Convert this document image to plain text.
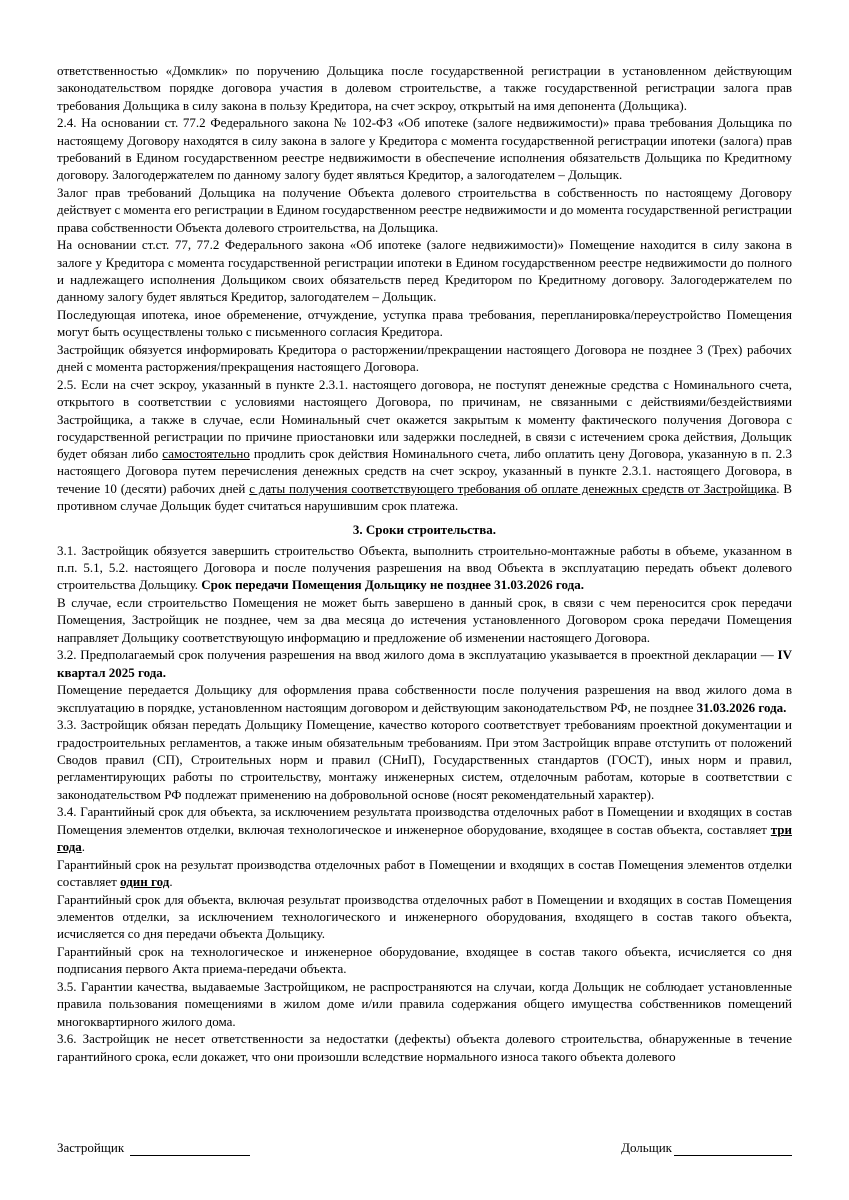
ответственностью «Домклик» по поручению Дольщика после государственной регистрации в установленном действующим законодательством порядке договора участия в долевом строительстве, а также государственной регистрации залога прав требования Дольщика в силу закона в пользу Кредитора, на счет эскроу, открытый на имя депонента (Дольщика).

2.4. На основании ст. 77.2 Федерального закона № 102-ФЗ «Об ипотеке (залоге недвижимости)» права требования Дольщика по настоящему Договору находятся в силу закона в залоге у Кредитора с момента государственной регистрации ипотеки (залога) прав требований в Едином государственном реестре недвижимости в обеспечение исполнения обязательств Дольщика по Кредитному договору. Залогодержателем по данному залогу будет являться Кредитор, а залогодателем – Дольщик.

Залог прав требований Дольщика на получение Объекта долевого строительства в собственность по настоящему Договору действует с момента его регистрации в Едином государственном реестре недвижимости и до момента государственной регистрации права собственности Объекта долевого строительства, на Дольщика.

На основании ст.ст. 77, 77.2 Федерального закона «Об ипотеке (залоге недвижимости)» Помещение находится в силу закона в залоге у Кредитора с момента государственной регистрации ипотеки в Едином государственном реестре недвижимости до полного и надлежащего исполнения Дольщиком своих обязательств перед Кредитором по Кредитному договору. Залогодержателем по данному залогу будет являться Кредитор, залогодателем – Дольщик.

Последующая ипотека, иное обременение, отчуждение, уступка права требования, перепланировка/переустройство Помещения могут быть осуществлены только с письменного согласия Кредитора.

Застройщик обязуется информировать Кредитора о расторжении/прекращении настоящего Договора не позднее 3 (Трех) рабочих дней с момента расторжения/прекращения настоящего Договора.

2.5. Если на счет эскроу, указанный в пункте 2.3.1. настоящего договора, не поступят денежные средства с Номинального счета, открытого в соответствии с условиями настоящего Договора, по причинам, не связанными с действиями/бездействиями Застройщика, а также в случае, если Номинальный счет окажется закрытым к моменту фактического получения Договора с государственной регистрации по причине приостановки или задержки последней, в связи с истечением срока действия, Дольщик будет обязан либо самостоятельно продлить срок действия Номинального счета, либо оплатить цену Договора, указанную в п. 2.3 настоящего Договора путем перечисления денежных средств на счет эскроу, указанный в пункте 2.3.1. настоящего Договора, в течение 10 (десяти) рабочих дней с даты получения соответствующего требования об оплате денежных средств от Застройщика. В противном случае Дольщик будет считаться нарушившим срок платежа.

3. Сроки строительства.

3.1. Застройщик обязуется завершить строительство Объекта, выполнить строительно-монтажные работы в объеме, указанном в п.п. 5.1, 5.2. настоящего Договора и после получения разрешения на ввод Объекта в эксплуатацию передать объект долевого строительства Дольщику. Срок передачи Помещения Дольщику не позднее 31.03.2026 года.

В случае, если строительство Помещения не может быть завершено в данный срок, в связи с чем переносится срок передачи Помещения, Застройщик не позднее, чем за два месяца до истечения установленного Договором срока передачи Помещения направляет Дольщику соответствующую информацию и предложение об изменении настоящего Договора.

3.2. Предполагаемый срок получения разрешения на ввод жилого дома в эксплуатацию указывается в проектной декларации — IV квартал 2025 года.

Помещение передается Дольщику для оформления права собственности после получения разрешения на ввод жилого дома в эксплуатацию в порядке, установленном настоящим договором и действующим законодательством РФ, не позднее 31.03.2026 года.

3.3. Застройщик обязан передать Дольщику Помещение, качество которого соответствует требованиям проектной документации и градостроительных регламентов, а также иным обязательным требованиям. При этом Застройщик вправе отступить от положений Сводов правил (СП), Строительных норм и правил (СНиП), Государственных стандартов (ГОСТ), иных норм и правил, регламентирующих работы по строительству, монтажу инженерных систем, отделочным работам, которые в соответствии с законодательством РФ подлежат применению на добровольной основе (носят рекомендательный характер).

3.4. Гарантийный срок для объекта, за исключением результата производства отделочных работ в Помещении и входящих в состав Помещения элементов отделки, включая технологическое и инженерное оборудование, входящее в состав объекта, составляет три года.

Гарантийный срок на результат производства отделочных работ в Помещении и входящих в состав Помещения элементов отделки составляет один год.

Гарантийный срок для объекта, включая результат производства отделочных работ в Помещении и входящих в состав Помещения элементов отделки, за исключением технологического и инженерного оборудования, входящего в состав такого объекта, исчисляется со дня передачи объекта Дольщику.

Гарантийный срок на технологическое и инженерное оборудование, входящее в состав такого объекта, исчисляется со дня подписания первого Акта приема-передачи объекта.

3.5. Гарантии качества, выдаваемые Застройщиком, не распространяются на случаи, когда Дольщик не соблюдает установленные правила пользования помещениями в жилом доме и/или правила содержания общего имущества собственников помещений многоквартирного жилого дома.

3.6. Застройщик не несет ответственности за недостатки (дефекты) объекта долевого строительства, обнаруженные в течение гарантийного срока, если докажет, что они произошли вследствие нормального износа такого объекта долевого

Застройщик	Дольщик
